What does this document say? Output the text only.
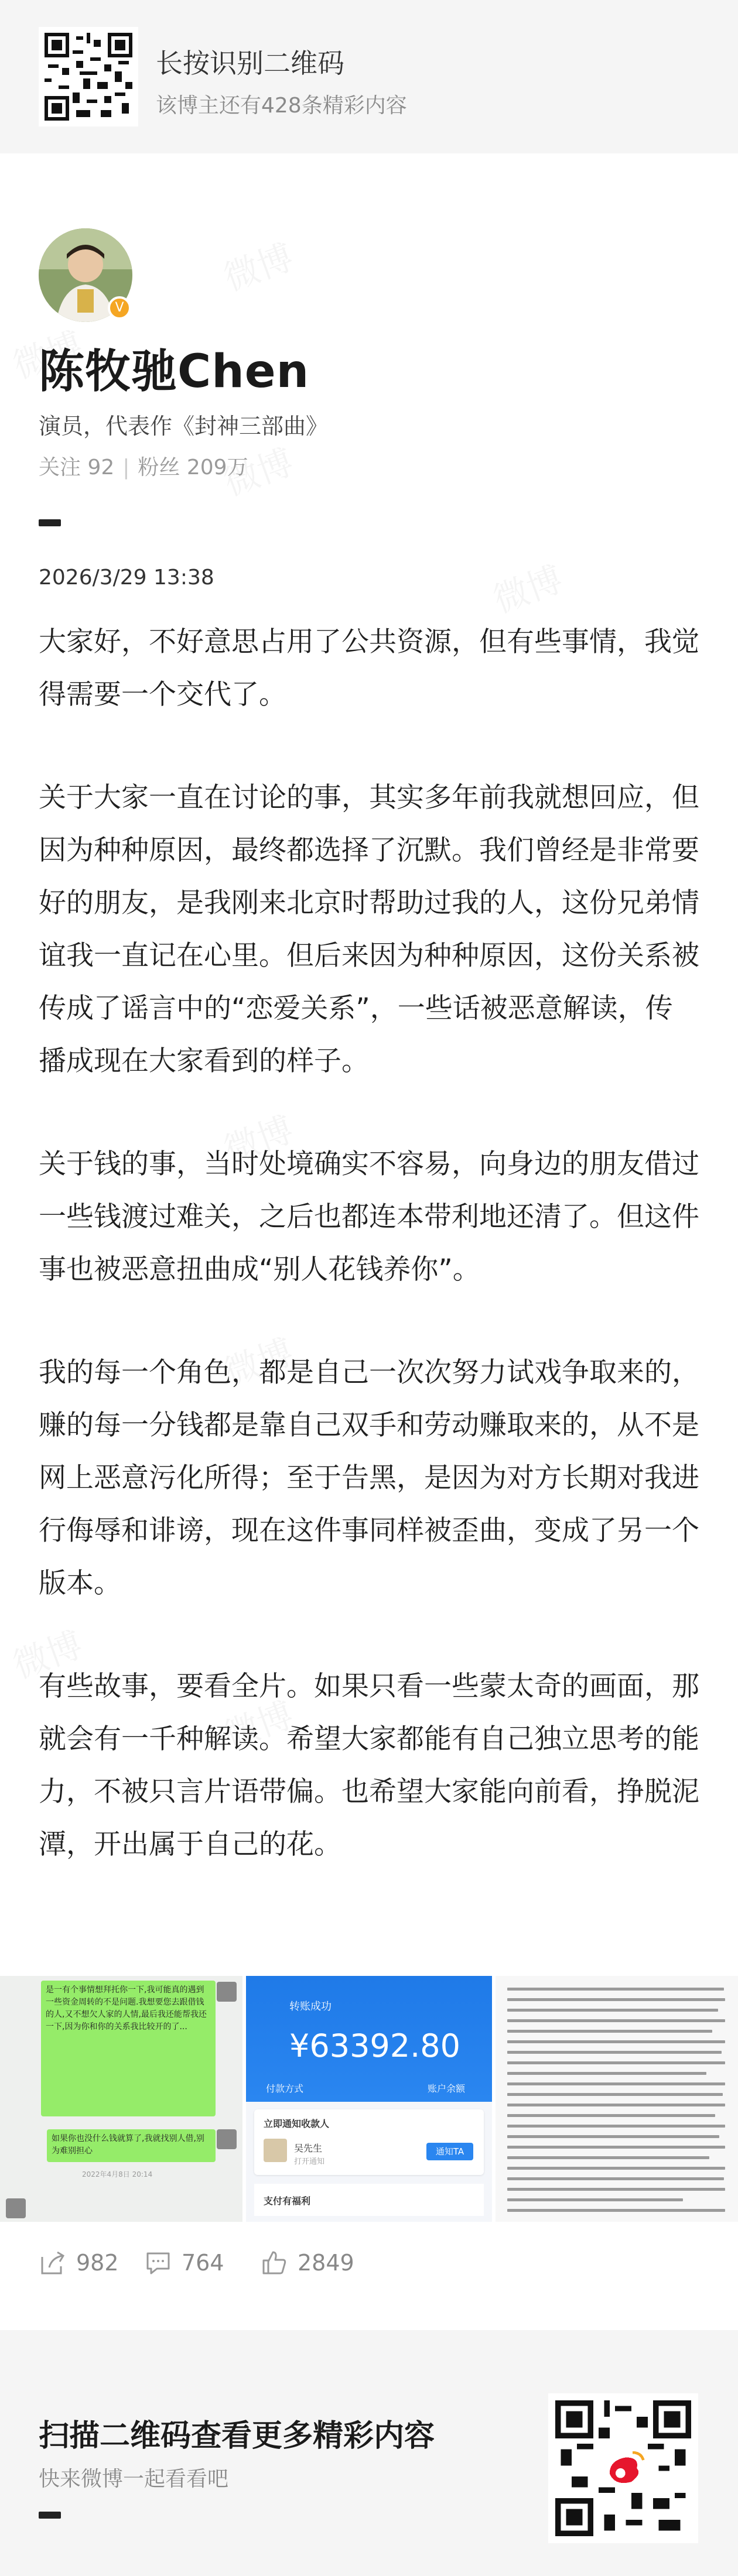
长按识别二维码
该博主还有428条精彩内容
V
陈牧驰Chen
演员，代表作《封神三部曲》
关注 92 | 粉丝 209万
2026/3/29 13:38

大家好，不好意思占用了公共资源，但有些事情，我觉得需要一个交代了。

关于大家一直在讨论的事，其实多年前我就想回应，但因为种种原因，最终都选择了沉默。我们曾经是非常要好的朋友，是我刚来北京时帮助过我的人，这份兄弟情谊我一直记在心里。但后来因为种种原因，这份关系被传成了谣言中的“恋爱关系”，一些话被恶意解读，传播成现在大家看到的样子。

关于钱的事，当时处境确实不容易，向身边的朋友借过一些钱渡过难关，之后也都连本带利地还清了。但这件事也被恶意扭曲成“别人花钱养你”。

我的每一个角色，都是自己一次次努力试戏争取来的，赚的每一分钱都是靠自己双手和劳动赚取来的，从不是网上恶意污化所得；至于告黑，是因为对方长期对我进行侮辱和诽谤，现在这件事同样被歪曲，变成了另一个版本。

有些故事，要看全片。如果只看一些蒙太奇的画面，那就会有一千种解读。希望大家都能有自己独立思考的能力，不被只言片语带偏。也希望大家能向前看，挣脱泥潭，开出属于自己的花。

是一有个事情想拜托你一下,我可能真的遇到一些资金周转的不是问题.我想要您去跟借钱的人,又不想欠人家的人情,最后我还能帮我还一下,因为你和你的关系我比较开的了...
如果你也没什么钱就算了,我就找别人借,别为难别担心
2022年4月8日 20:14
转账成功
¥63392.80
付款方式	账户余额
立即通知收款人
吴先生
打开通知
通知TA
支付有福利
982	764	2849
扫描二维码查看更多精彩内容
快来微博一起看看吧
